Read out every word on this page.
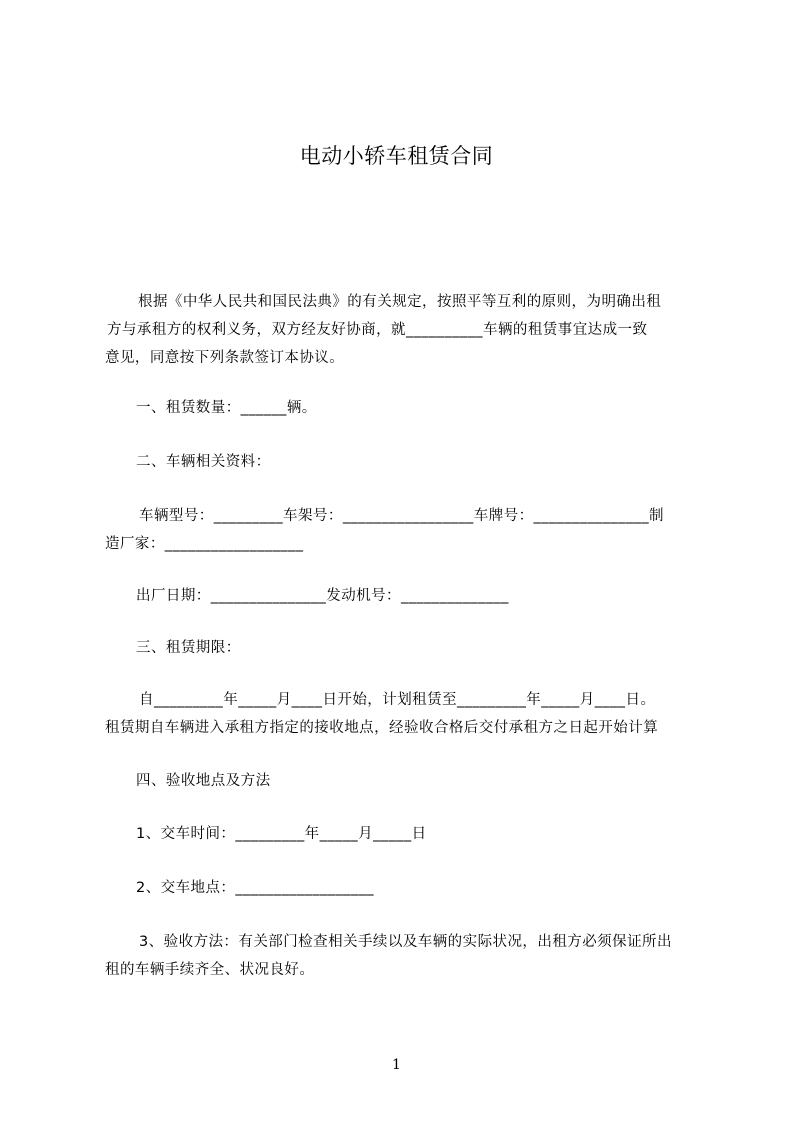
电动小轿车租赁合同
根据《中华人民共和国民法典》的有关规定，按照平等互利的原则，为明确出租
方与承租方的权利义务，双方经友好协商，就__________车辆的租赁事宜达成一致
意见，同意按下列条款签订本协议。
一、租赁数量：______辆。
二、车辆相关资料：
车辆型号：_________车架号：_________________车牌号：_______________制
造厂家：__________________
出厂日期：_______________发动机号：______________
三、租赁期限：
自_________年_____月____日开始，计划租赁至_________年_____月____日。
租赁期自车辆进入承租方指定的接收地点，经验收合格后交付承租方之日起开始计算
四、验收地点及方法
1、交车时间：_________年_____月_____日
2、交车地点：__________________
3、验收方法：有关部门检查相关手续以及车辆的实际状况，出租方必须保证所出
租的车辆手续齐全、状况良好。
1
